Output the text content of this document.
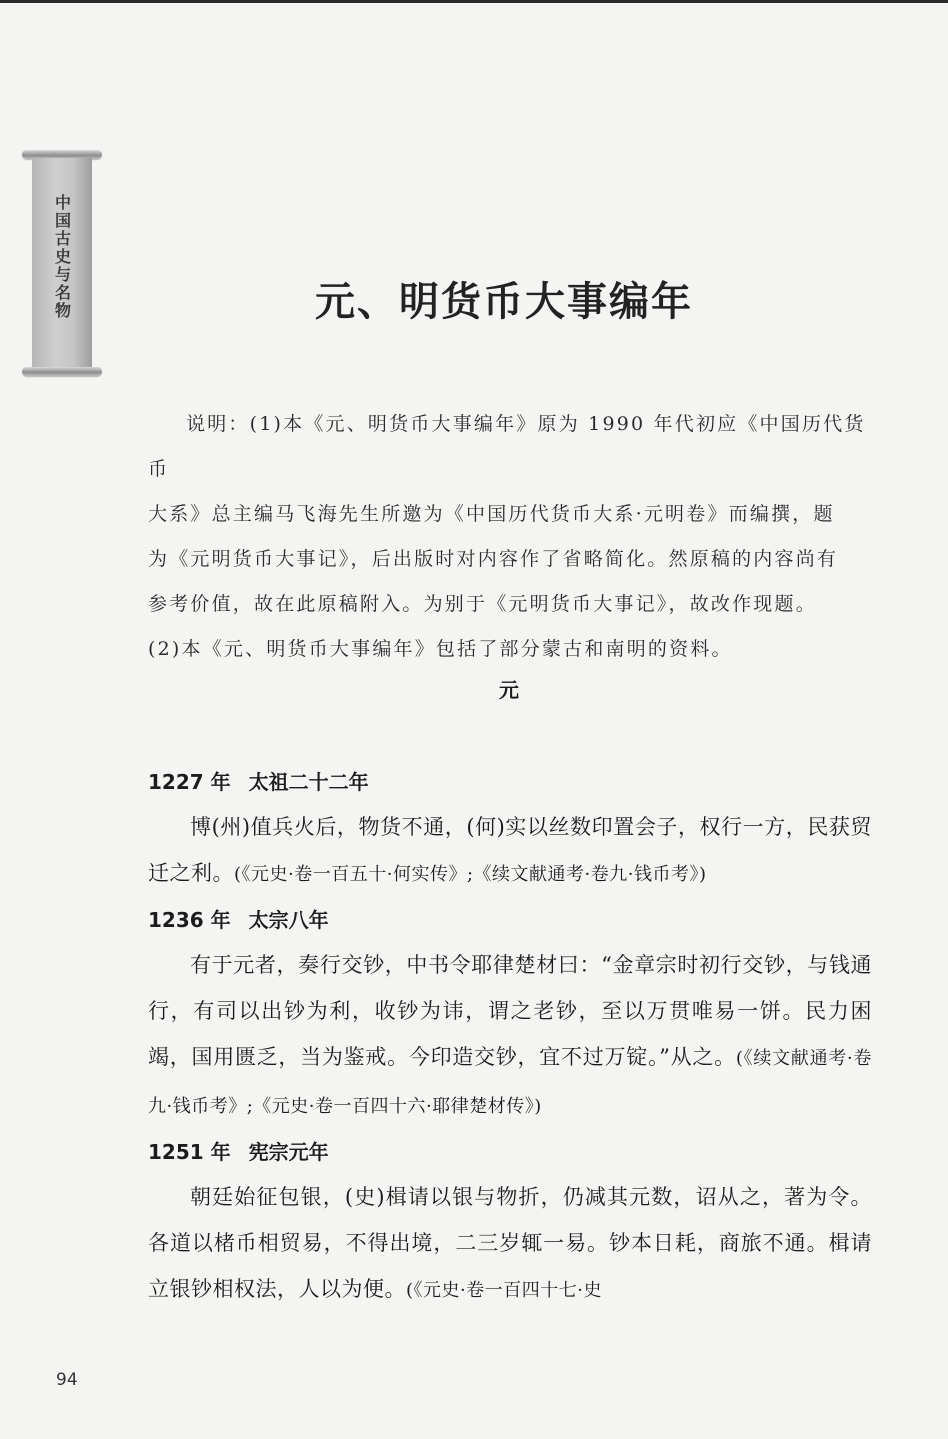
中国古史与名物	元、明货币大事编年

说明：(1)本《元、明货币大事编年》原为 1990 年代初应《中国历代货币

大系》总主编马飞海先生所邀为《中国历代货币大系·元明卷》而编撰，题

为《元明货币大事记》，后出版时对内容作了省略简化。然原稿的内容尚有

参考价值，故在此原稿附入。为别于《元明货币大事记》，故改作现题。

(2)本《元、明货币大事编年》包括了部分蒙古和南明的资料。

元
1227 年 太祖二十二年

博(州)值兵火后，物货不通，(何)实以丝数印置会子，权行一方，民获贸迁之利。(《元史·卷一百五十·何实传》;《续文献通考·卷九·钱币考》)

1236 年 太宗八年

有于元者，奏行交钞，中书令耶律楚材曰：“金章宗时初行交钞，与钱通行，有司以出钞为利，收钞为讳，谓之老钞，至以万贯唯易一饼。民力困竭，国用匮乏，当为鉴戒。今印造交钞，宜不过万锭。”从之。(《续文献通考·卷九·钱币考》;《元史·卷一百四十六·耶律楚材传》)

1251 年 宪宗元年

朝廷始征包银，(史)楫请以银与物折，仍减其元数，诏从之，著为令。各道以楮币相贸易，不得出境，二三岁辄一易。钞本日耗，商旅不通。楫请立银钞相权法，人以为便。(《元史·卷一百四十七·史

94
